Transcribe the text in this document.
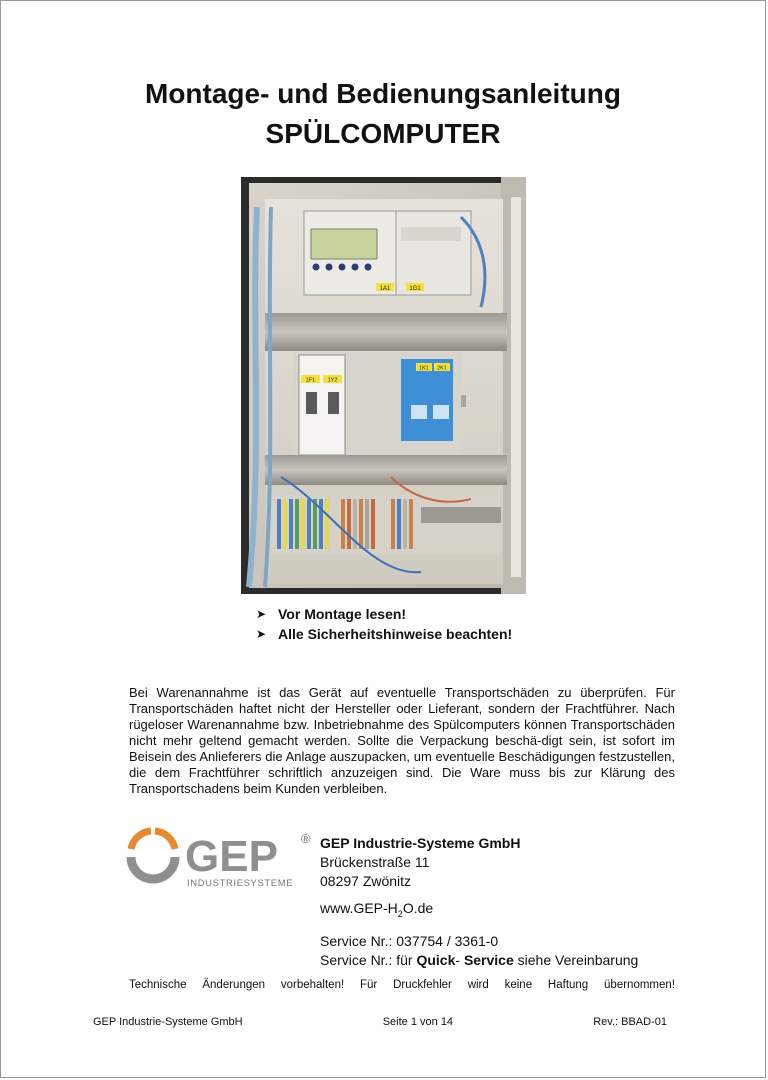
Montage- und Bedienungsanleitung
SPÜLCOMPUTER
1A1	1G1
1F1 1Y2
1K1 2K1
➤ Vor Montage lesen!
➤ Alle Sicherheitshinweise beachten!
Bei Warenannahme ist das Gerät auf eventuelle Transportschäden zu überprüfen. Für Transportschäden haftet nicht der Hersteller oder Lieferant, sondern der Frachtführer. Nach rügeloser Warenannahme bzw. Inbetriebnahme des Spülcomputers können Transportschäden nicht mehr geltend gemacht werden. Sollte die Verpackung beschä-digt sein, ist sofort im Beisein des Anlieferers die Anlage auszupacken, um eventuelle Beschädigungen festzustellen, die dem Frachtführer schriftlich anzuzeigen sind. Die Ware muss bis zur Klärung des Transportschadens beim Kunden verbleiben.
GEP ®
INDUSTRIESYSTEME
GEP Industrie-Systeme GmbH
Brückenstraße 11
08297 Zwönitz
$www.GEP-H_2O.de$
Service Nr.: 037754 / 3361-0
Service Nr.: für Quick- Service siehe Vereinbarung
Technische Änderungen vorbehalten! Für Druckfehler wird keine Haftung übernommen!
GEP Industrie-Systeme GmbH	Seite 1 von 14	Rev.: BBAD-01
